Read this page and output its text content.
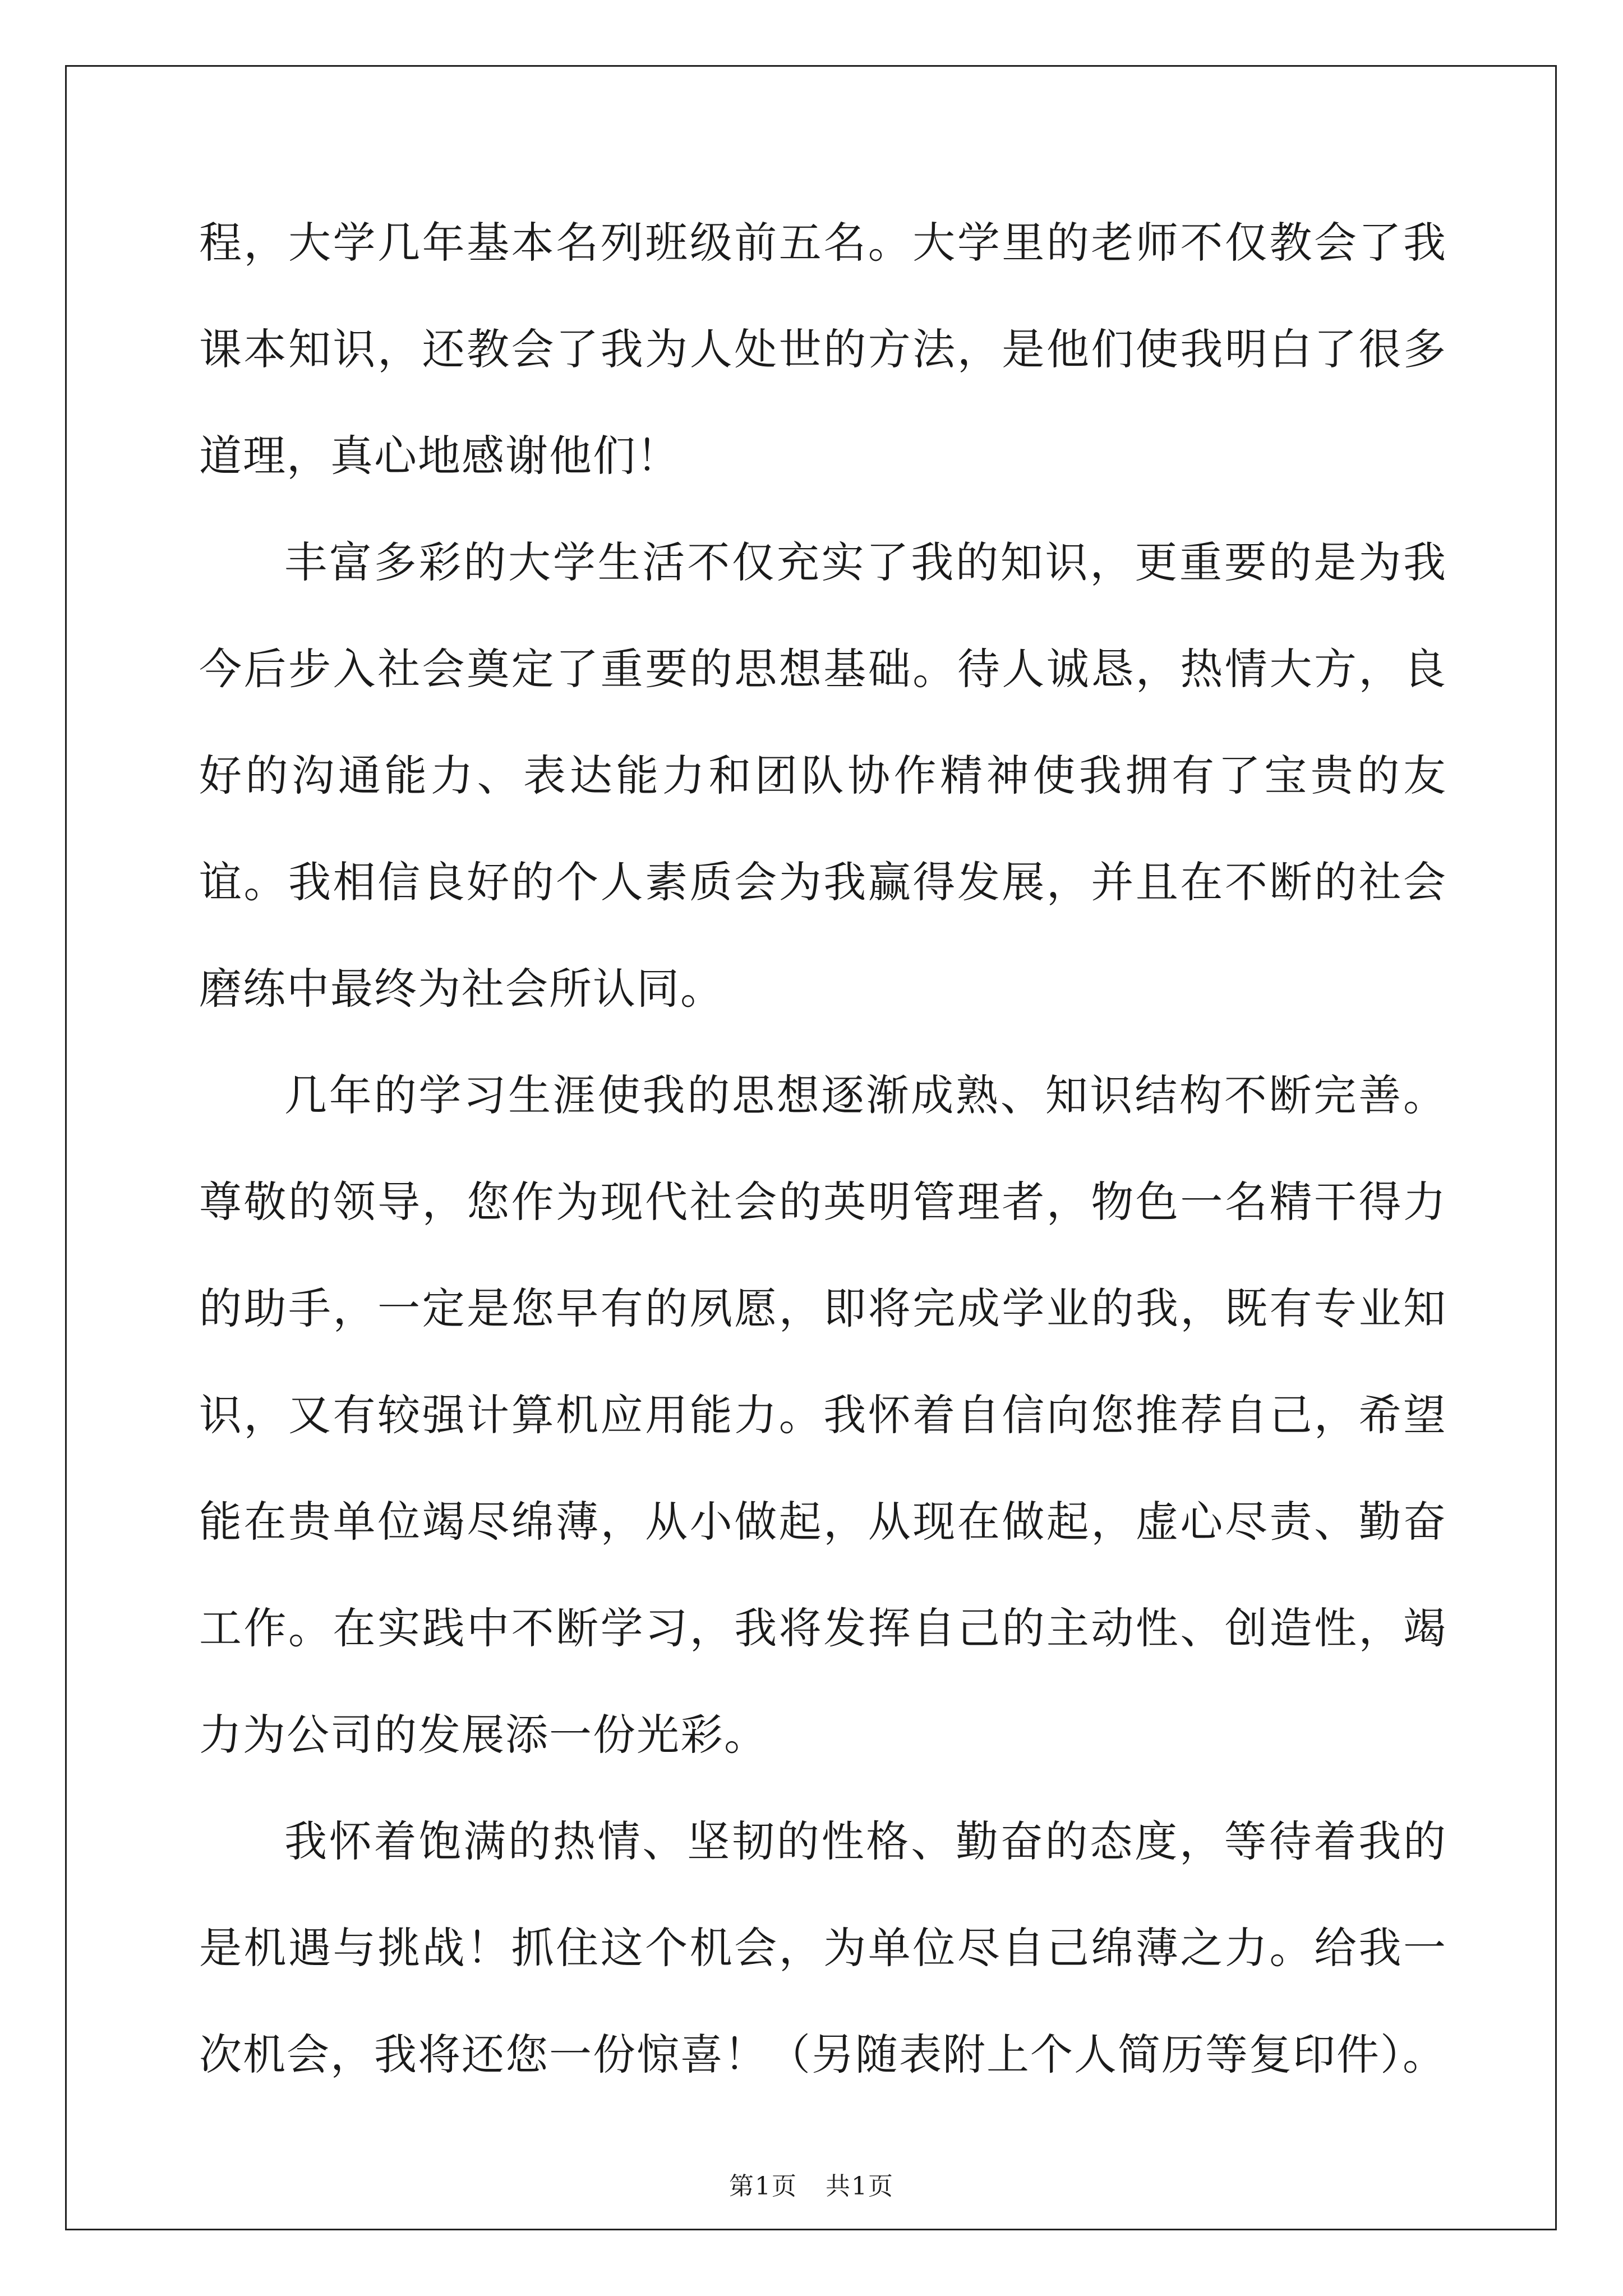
程，大学几年基本名列班级前五名。大学里的老师不仅教会了我课本知识，还教会了我为人处世的方法，是他们使我明白了很多道理，真心地感谢他们！

丰富多彩的大学生活不仅充实了我的知识，更重要的是为我今后步入社会奠定了重要的思想基础。待人诚恳，热情大方，良好的沟通能力、表达能力和团队协作精神使我拥有了宝贵的友谊。我相信良好的个人素质会为我赢得发展，并且在不断的社会磨练中最终为社会所认同。

几年的学习生涯使我的思想逐渐成熟、知识结构不断完善。尊敬的领导，您作为现代社会的英明管理者，物色一名精干得力的助手，一定是您早有的夙愿，即将完成学业的我，既有专业知识，又有较强计算机应用能力。我怀着自信向您推荐自己，希望能在贵单位竭尽绵薄，从小做起，从现在做起，虚心尽责、勤奋工作。在实践中不断学习，我将发挥自己的主动性、创造性，竭力为公司的发展添一份光彩。

我怀着饱满的热情、坚韧的性格、勤奋的态度，等待着我的是机遇与挑战！抓住这个机会，为单位尽自己绵薄之力。给我一次机会，我将还您一份惊喜！（另随表附上个人简历等复印件）。

第1页 共1页
